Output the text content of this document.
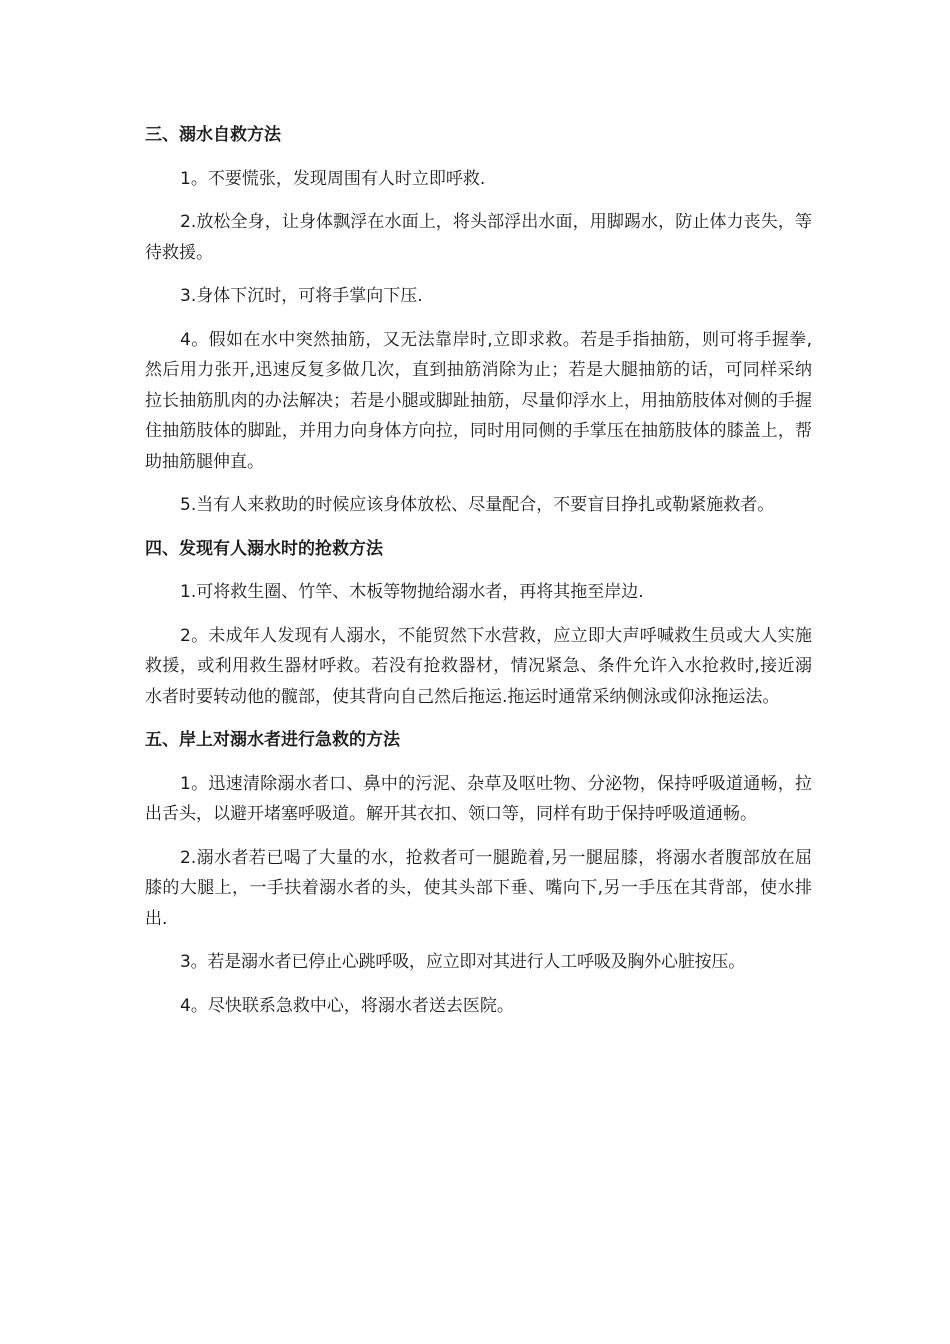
三、溺水自救方法

1。不要慌张，发现周围有人时立即呼救.

2.放松全身，让身体飘浮在水面上，将头部浮出水面，用脚踢水，防止体力丧失，等待救援。

3.身体下沉时，可将手掌向下压.

4。假如在水中突然抽筋，又无法靠岸时,立即求救。若是手指抽筋，则可将手握拳,然后用力张开,迅速反复多做几次，直到抽筋消除为止；若是大腿抽筋的话，可同样采纳拉长抽筋肌肉的办法解决；若是小腿或脚趾抽筋，尽量仰浮水上，用抽筋肢体对侧的手握住抽筋肢体的脚趾，并用力向身体方向拉，同时用同侧的手掌压在抽筋肢体的膝盖上，帮助抽筋腿伸直。

5.当有人来救助的时候应该身体放松、尽量配合，不要盲目挣扎或勒紧施救者。

四、发现有人溺水时的抢救方法

1.可将救生圈、竹竿、木板等物抛给溺水者，再将其拖至岸边.

2。未成年人发现有人溺水，不能贸然下水营救，应立即大声呼喊救生员或大人实施救援，或利用救生器材呼救。若没有抢救器材，情况紧急、条件允许入水抢救时,接近溺水者时要转动他的髋部，使其背向自己然后拖运.拖运时通常采纳侧泳或仰泳拖运法。

五、岸上对溺水者进行急救的方法

1。迅速清除溺水者口、鼻中的污泥、杂草及呕吐物、分泌物，保持呼吸道通畅，拉出舌头，以避开堵塞呼吸道。解开其衣扣、领口等，同样有助于保持呼吸道通畅。

2.溺水者若已喝了大量的水，抢救者可一腿跪着,另一腿屈膝，将溺水者腹部放在屈膝的大腿上，一手扶着溺水者的头，使其头部下垂、嘴向下,另一手压在其背部，使水排出.

3。若是溺水者已停止心跳呼吸，应立即对其进行人工呼吸及胸外心脏按压。

4。尽快联系急救中心，将溺水者送去医院。
